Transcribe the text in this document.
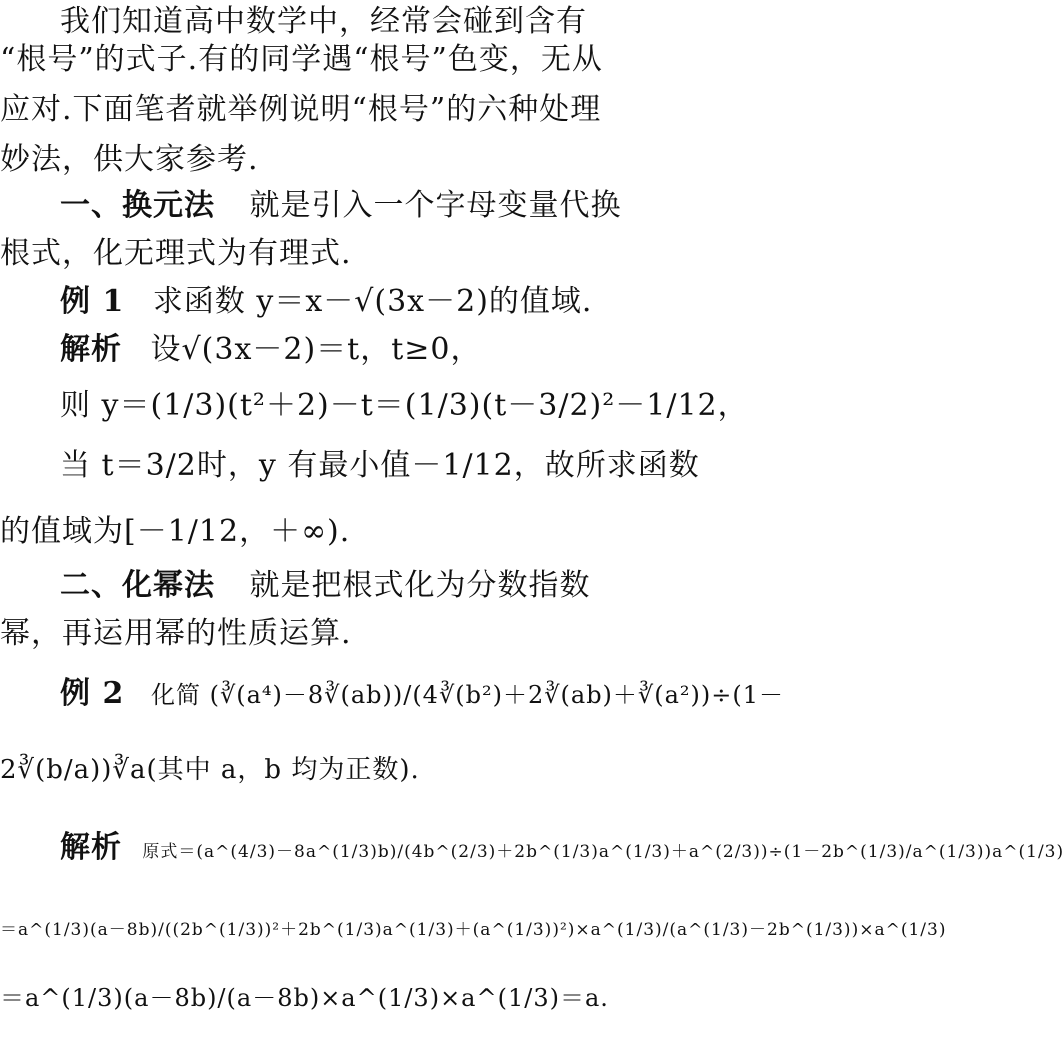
我们知道高中数学中，经常会碰到含有
“根号”的式子.有的同学遇“根号”色变，无从
应对.下面笔者就举例说明“根号”的六种处理
妙法，供大家参考.
一、换元法 就是引入一个字母变量代换
根式，化无理式为有理式.
例 1 求函数 y＝x－√(3x－2)的值域.
解析 设√(3x－2)＝t，t≥0，
则 y＝(1/3)(t²＋2)－t＝(1/3)(t－3/2)²－1/12，
当 t＝3/2时，y 有最小值－1/12，故所求函数
的值域为[－1/12，＋∞).
二、化幂法 就是把根式化为分数指数
幂，再运用幂的性质运算.
例 2 化简 (∛(a⁴)－8∛(ab))/(4∛(b²)＋2∛(ab)＋∛(a²))÷(1－
2∛(b/a))∛a(其中 a，b 均为正数).
解析 原式＝(a^(4/3)－8a^(1/3)b)/(4b^(2/3)＋2b^(1/3)a^(1/3)＋a^(2/3))÷(1－2b^(1/3)/a^(1/3))a^(1/3)
＝a^(1/3)(a－8b)/((2b^(1/3))²＋2b^(1/3)a^(1/3)＋(a^(1/3))²)×a^(1/3)/(a^(1/3)－2b^(1/3))×a^(1/3)
＝a^(1/3)(a－8b)/(a－8b)×a^(1/3)×a^(1/3)＝a.
